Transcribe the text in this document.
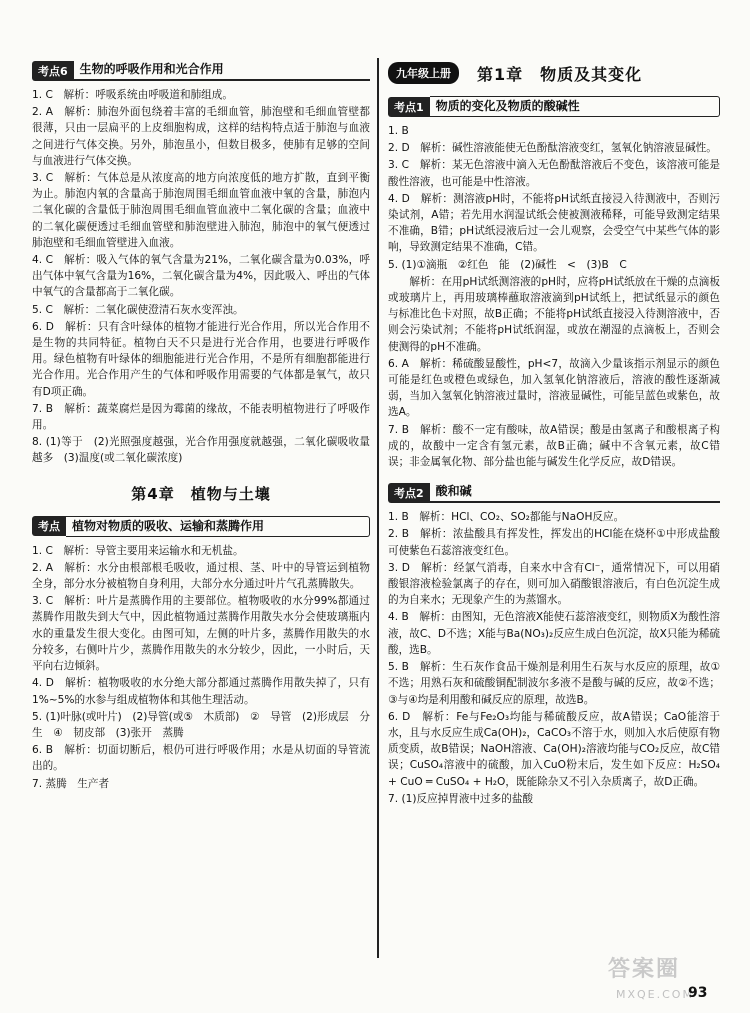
考点6	生物的呼吸作用和光合作用

1. C　解析：呼吸系统由呼吸道和肺组成。

2. A　解析：肺泡外面包绕着丰富的毛细血管，肺泡壁和毛细血管壁都很薄，只由一层扁平的上皮细胞构成，这样的结构特点适于肺泡与血液之间进行气体交换。另外，肺泡虽小，但数目极多，使肺有足够的空间与血液进行气体交换。

3. C　解析：气体总是从浓度高的地方向浓度低的地方扩散，直到平衡为止。肺泡内氧的含量高于肺泡周围毛细血管血液中氧的含量，肺泡内二氧化碳的含量低于肺泡周围毛细血管血液中二氧化碳的含量；血液中的二氧化碳便透过毛细血管壁和肺泡壁进入肺泡，肺泡中的氧气便透过肺泡壁和毛细血管壁进入血液。

4. C　解析：吸入气体的氧气含量为21%，二氧化碳含量为0.03%，呼出气体中氧气含量为16%，二氧化碳含量为4%，因此吸入、呼出的气体中氧气的含量都高于二氧化碳。

5. C　解析：二氧化碳使澄清石灰水变浑浊。

6. D　解析：只有含叶绿体的植物才能进行光合作用，所以光合作用不是生物的共同特征。植物白天不只是进行光合作用，也要进行呼吸作用。绿色植物有叶绿体的细胞能进行光合作用，不是所有细胞都能进行光合作用。光合作用产生的气体和呼吸作用需要的气体都是氧气，故只有D项正确。

7. B　解析：蔬菜腐烂是因为霉菌的缘故，不能表明植物进行了呼吸作用。

8. (1)等于　(2)光照强度越强，光合作用强度就越强，二氧化碳吸收量越多　(3)温度(或二氧化碳浓度)

第4章　植物与土壤
考点	植物对物质的吸收、运输和蒸腾作用

1. C　解析：导管主要用来运输水和无机盐。

2. A　解析：水分由根部根毛吸收，通过根、茎、叶中的导管运到植物全身，部分水分被植物自身利用，大部分水分通过叶片气孔蒸腾散失。

3. C　解析：叶片是蒸腾作用的主要部位。植物吸收的水分99%都通过蒸腾作用散失到大气中，因此植物通过蒸腾作用散失水分会使玻璃瓶内水的重量发生很大变化。由图可知，左侧的叶片多，蒸腾作用散失的水分较多，右侧叶片少，蒸腾作用散失的水分较少，因此，一小时后，天平向右边倾斜。

4. D　解析：植物吸收的水分绝大部分都通过蒸腾作用散失掉了，只有1%~5%的水参与组成植物体和其他生理活动。

5. (1)叶脉(或叶片)　(2)导管(或⑤　木质部)　②　导管　(2)形成层　分生　④　韧皮部　(3)张开　蒸腾

6. B　解析：切面切断后，根仍可进行呼吸作用；水是从切面的导管流出的。

7. 蒸腾　生产者

九年级上册	第1章　物质及其变化
考点1	物质的变化及物质的酸碱性

1. B

2. D　解析：碱性溶液能使无色酚酞溶液变红，氢氧化钠溶液显碱性。

3. C　解析：某无色溶液中滴入无色酚酞溶液后不变色，该溶液可能是酸性溶液，也可能是中性溶液。

4. D　解析：测溶液pH时，不能将pH试纸直接浸入待测液中，否则污染试剂，A错；若先用水润湿试纸会使被测液稀释，可能导致测定结果不准确，B错；pH试纸浸液后过一会儿观察，会受空气中某些气体的影响，导致测定结果不准确，C错。

5. (1)①滴瓶　②红色　能　(2)碱性　<　(3)B　C

　　解析：在用pH试纸测溶液的pH时，应将pH试纸放在干燥的点滴板或玻璃片上，再用玻璃棒蘸取溶液滴到pH试纸上，把试纸显示的颜色与标准比色卡对照，故B正确；不能将pH试纸直接浸入待测溶液中，否则会污染试剂；不能将pH试纸润湿，或放在潮湿的点滴板上，否则会使测得的pH不准确。

6. A　解析：稀硫酸显酸性，pH<7，故滴入少量该指示剂显示的颜色可能是红色或橙色或绿色，加入氢氧化钠溶液后，溶液的酸性逐渐减弱，当加入氢氧化钠溶液过量时，溶液显碱性，可能呈蓝色或紫色，故选A。

7. B　解析：酸不一定有酸味，故A错误；酸是由氢离子和酸根离子构成的，故酸中一定含有氢元素，故B正确；碱中不含氧元素，故C错误；非金属氧化物、部分盐也能与碱发生化学反应，故D错误。

考点2	酸和碱

1. B　解析：HCl、CO₂、SO₂都能与NaOH反应。

2. B　解析：浓盐酸具有挥发性，挥发出的HCl能在烧杯①中形成盐酸可使紫色石蕊溶液变红色。

3. D　解析：经氯气消毒，自来水中含有Cl⁻，通常情况下，可以用硝酸银溶液检验氯离子的存在，则可加入硝酸银溶液后，有白色沉淀生成的为自来水；无现象产生的为蒸馏水。

4. B　解析：由图知，无色溶液X能使石蕊溶液变红，则物质X为酸性溶液，故C、D不选；X能与Ba(NO₃)₂反应生成白色沉淀，故X只能为稀硫酸，选B。

5. B　解析：生石灰作食品干燥剂是利用生石灰与水反应的原理，故①不选；用熟石灰和硫酸铜配制波尔多液不是酸与碱的反应，故②不选；③与④均是利用酸和碱反应的原理，故选B。

6. D　解析：Fe与Fe₂O₃均能与稀硫酸反应，故A错误；CaO能溶于水，且与水反应生成Ca(OH)₂，CaCO₃不溶于水，则加入水后使原有物质变质，故B错误；NaOH溶液、Ca(OH)₂溶液均能与CO₂反应，故C错误；CuSO₄溶液中的硫酸，加入CuO粉末后，发生如下反应：H₂SO₄ + CuO ═ CuSO₄ + H₂O，既能除杂又不引入杂质离子，故D正确。

7. (1)反应掉胃液中过多的盐酸

答案圈
MXQE.COM
93
